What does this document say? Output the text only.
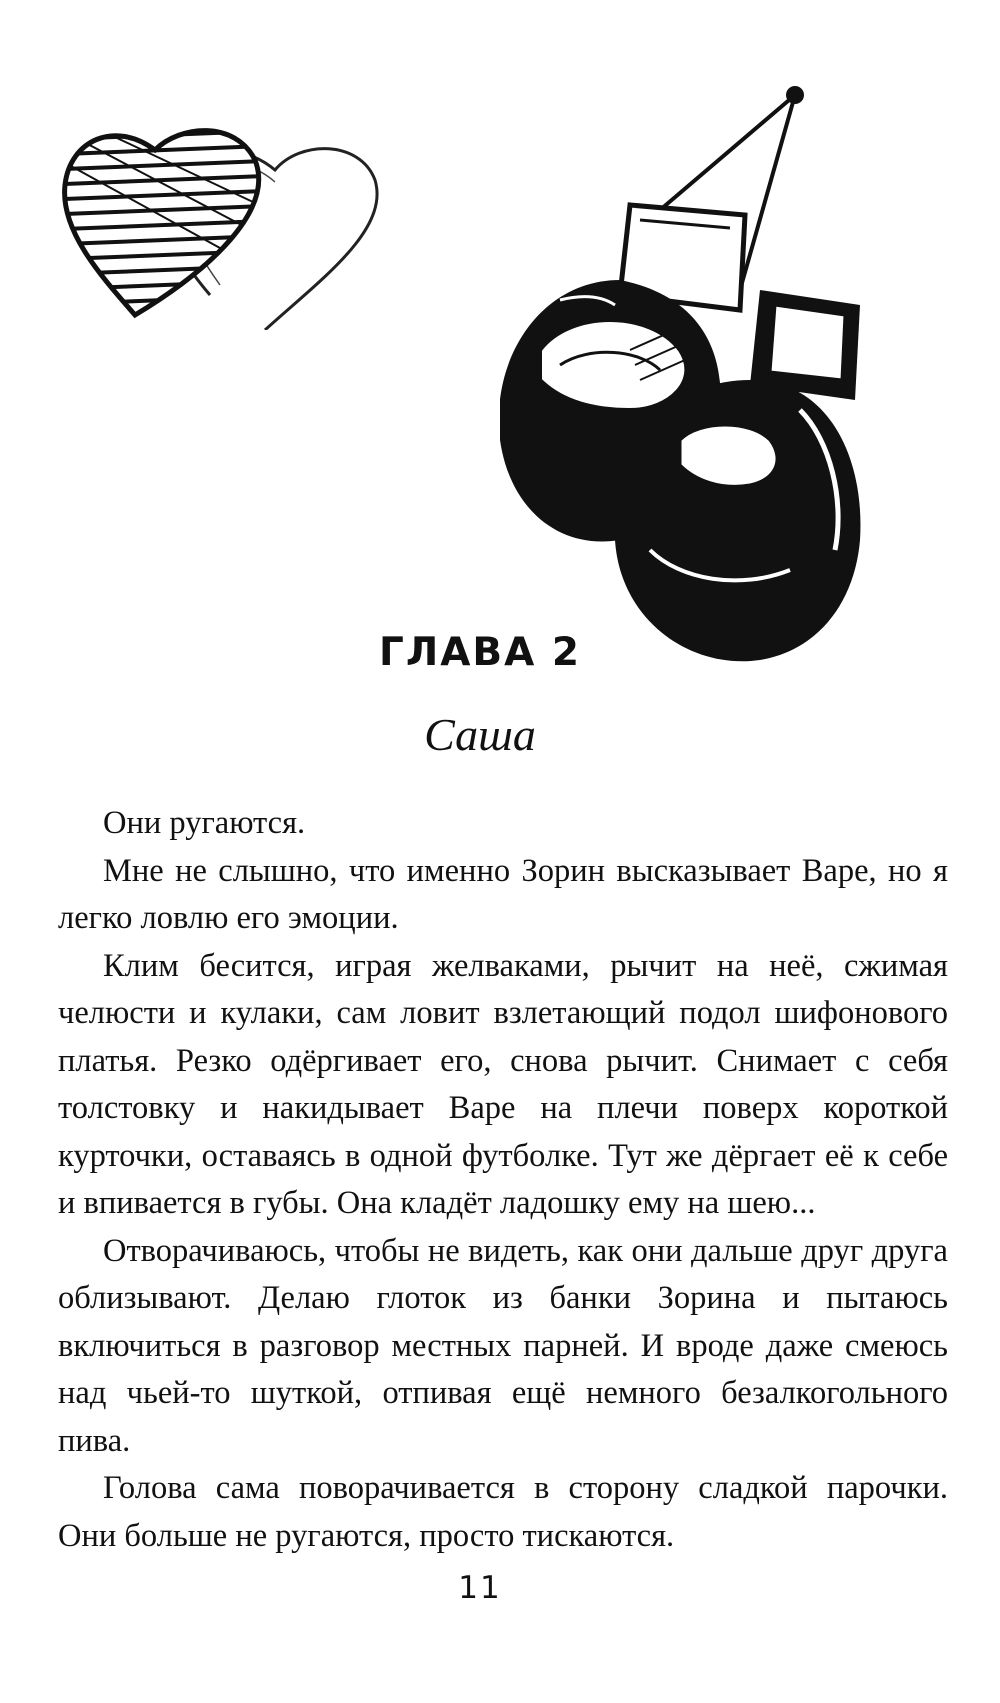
ГЛАВА 2
Саша

Они ругаются.

Мне не слышно, что именно Зорин высказывает Варе, но я легко ловлю его эмоции.

Клим бесится, играя желваками, рычит на неё, сжимая челюсти и кулаки, сам ловит взлетающий подол шифонового платья. Резко одёргивает его, снова рычит. Снимает с себя толстовку и накидывает Варе на плечи поверх короткой курточки, оставаясь в одной футболке. Тут же дёргает её к себе и впивается в губы. Она кладёт ладошку ему на шею...

Отворачиваюсь, чтобы не видеть, как они дальше друг друга облизывают. Делаю глоток из банки Зорина и пытаюсь включиться в разговор местных парней. И вроде даже смеюсь над чьей-то шуткой, отпивая ещё немного безалкогольного пива.

Голова сама поворачивается в сторону сладкой парочки. Они больше не ругаются, просто тискаются.

11
